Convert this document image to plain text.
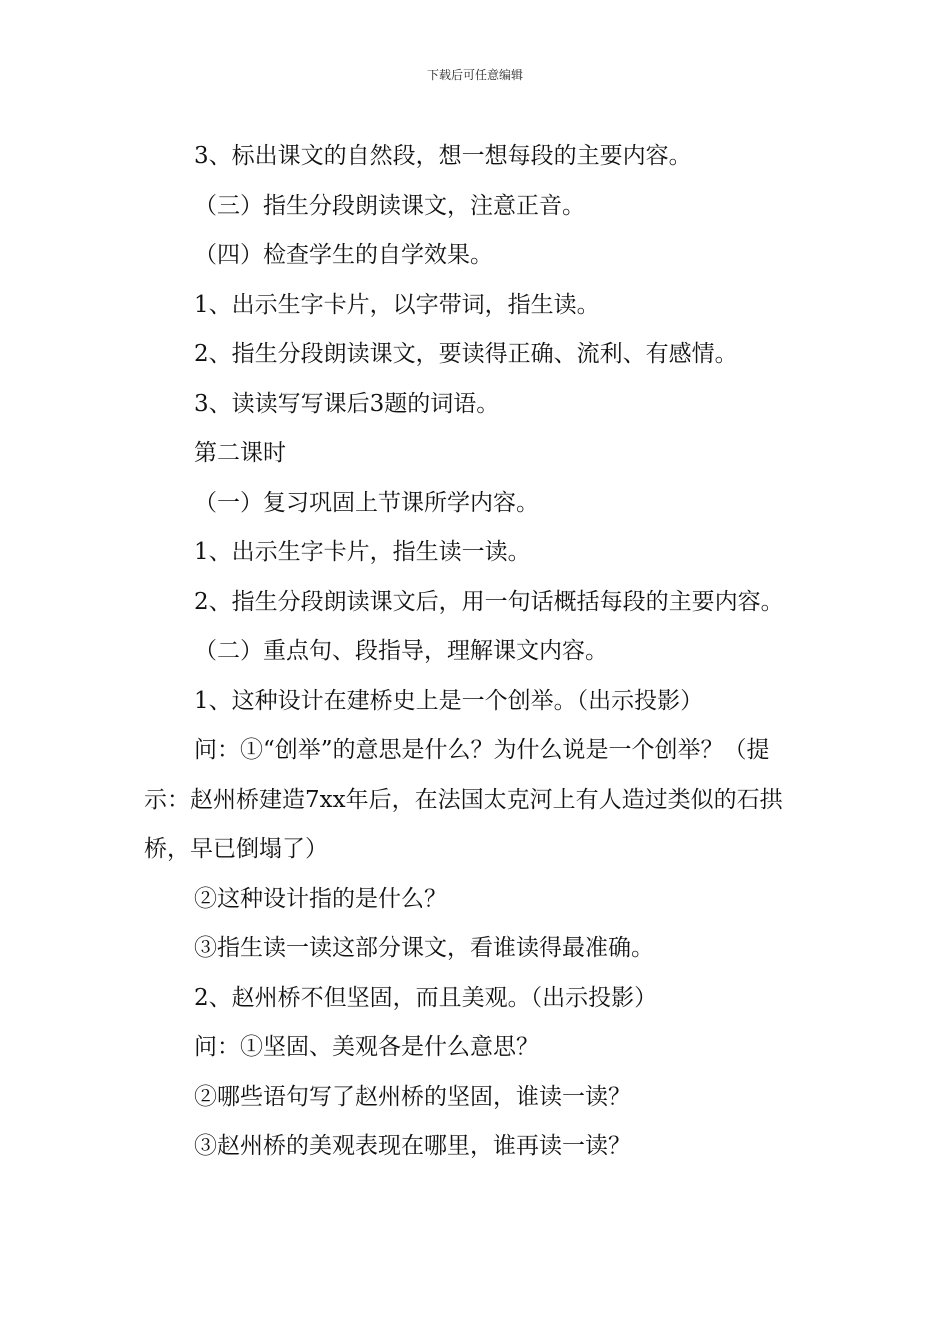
下载后可任意编辑

3、标出课文的自然段，想一想每段的主要内容。

（三）指生分段朗读课文，注意正音。

（四）检查学生的自学效果。

1、出示生字卡片，以字带词，指生读。

2、指生分段朗读课文，要读得正确、流利、有感情。

3、读读写写课后3题的词语。

第二课时

（一）复习巩固上节课所学内容。

1、出示生字卡片，指生读一读。

2、指生分段朗读课文后，用一句话概括每段的主要内容。

（二）重点句、段指导，理解课文内容。

1、这种设计在建桥史上是一个创举。（出示投影）

问：①“创举”的意思是什么？为什么说是一个创举？（提示：赵州桥建造7xx年后，在法国太克河上有人造过类似的石拱桥，早已倒塌了）

②这种设计指的是什么？

③指生读一读这部分课文，看谁读得最准确。

2、赵州桥不但坚固，而且美观。（出示投影）

问：①坚固、美观各是什么意思？

②哪些语句写了赵州桥的坚固，谁读一读？

③赵州桥的美观表现在哪里，谁再读一读？
